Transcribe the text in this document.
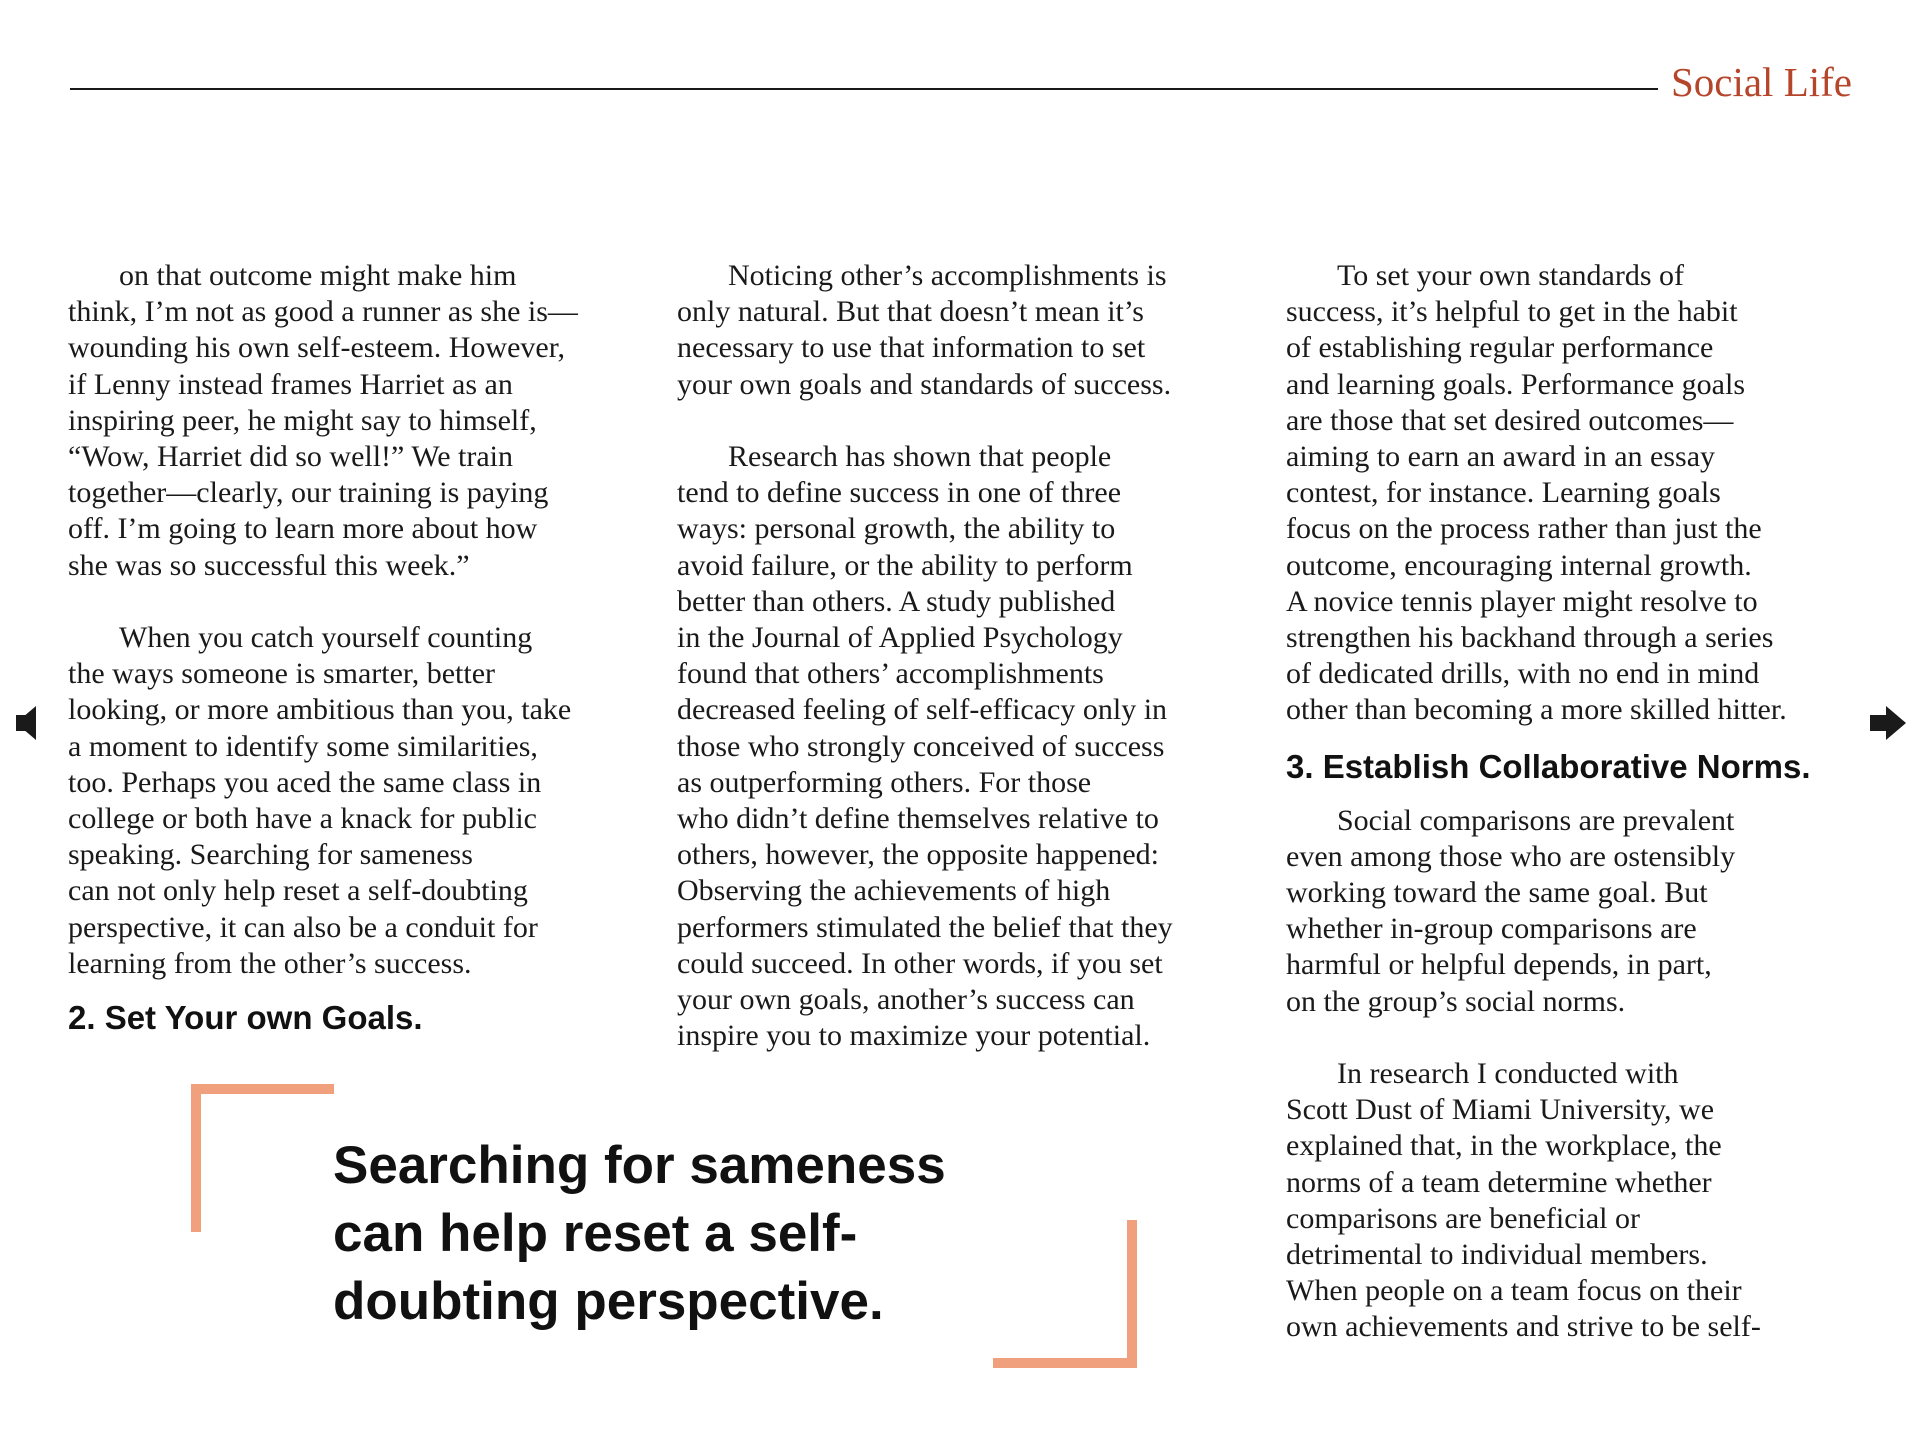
Social Life
on that outcome might make him
think, I’m not as good a runner as she is—
wounding his own self-esteem. However,
if Lenny instead frames Harriet as an
inspiring peer, he might say to himself,
“Wow, Harriet did so well!” We train
together—clearly, our training is paying
off. I’m going to learn more about how
she was so successful this week.”
When you catch yourself counting
the ways someone is smarter, better
looking, or more ambitious than you, take
a moment to identify some similarities,
too. Perhaps you aced the same class in
college or both have a knack for public
speaking. Searching for sameness
can not only help reset a self-doubting
perspective, it can also be a conduit for
learning from the other’s success.
2. Set Your own Goals.
Noticing other’s accomplishments is
only natural. But that doesn’t mean it’s
necessary to use that information to set
your own goals and standards of success.
Research has shown that people
tend to define success in one of three
ways: personal growth, the ability to
avoid failure, or the ability to perform
better than others. A study published
in the Journal of Applied Psychology
found that others’ accomplishments
decreased feeling of self-efficacy only in
those who strongly conceived of success
as outperforming others. For those
who didn’t define themselves relative to
others, however, the opposite happened:
Observing the achievements of high
performers stimulated the belief that they
could succeed. In other words, if you set
your own goals, another’s success can
inspire you to maximize your potential.
To set your own standards of
success, it’s helpful to get in the habit
of establishing regular performance
and learning goals. Performance goals
are those that set desired outcomes—
aiming to earn an award in an essay
contest, for instance. Learning goals
focus on the process rather than just the
outcome, encouraging internal growth.
A novice tennis player might resolve to
strengthen his backhand through a series
of dedicated drills, with no end in mind
other than becoming a more skilled hitter.
3. Establish Collaborative Norms.
Social comparisons are prevalent
even among those who are ostensibly
working toward the same goal. But
whether in-group comparisons are
harmful or helpful depends, in part,
on the group’s social norms.
In research I conducted with
Scott Dust of Miami University, we
explained that, in the workplace, the
norms of a team determine whether
comparisons are beneficial or
detrimental to individual members.
When people on a team focus on their
own achievements and strive to be self-
Searching for sameness
can help reset a self-
doubting perspective.
